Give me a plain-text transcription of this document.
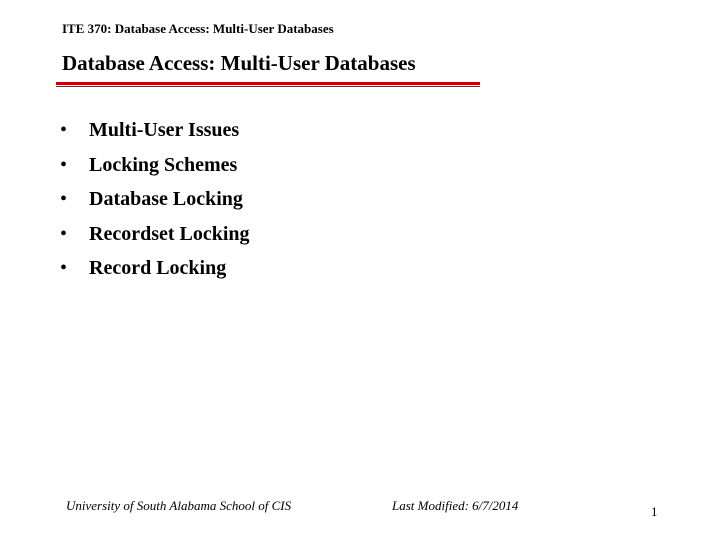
ITE 370: Database Access: Multi-User Databases
Database Access: Multi-User Databases
•	Multi-User Issues
•	Locking Schemes
•	Database Locking
•	Recordset Locking
•	Record Locking
University of South Alabama School of CIS	Last Modified: 6/7/2014	1
